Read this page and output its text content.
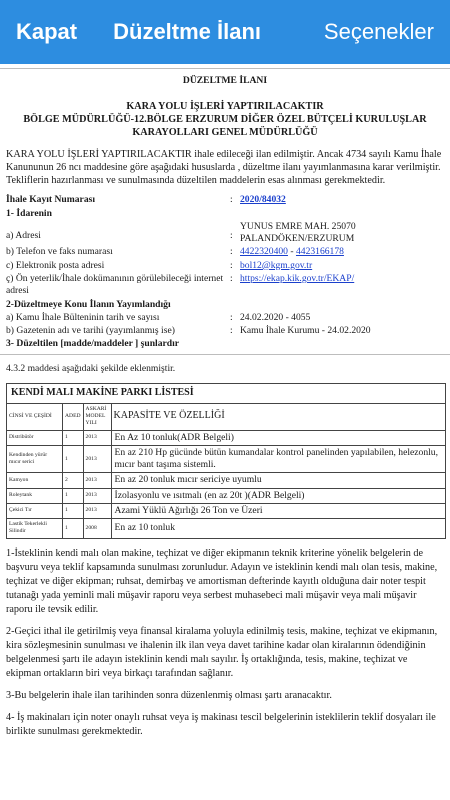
Kapat Düzeltme İlanı	Seçenekler
DÜZELTME İLANI
KARA YOLU İŞLERİ YAPTIRILACAKTIR
BÖLGE MÜDÜRLÜĞÜ-12.BÖLGE ERZURUM DİĞER ÖZEL BÜTÇELİ KURULUŞLAR
KARAYOLLARI GENEL MÜDÜRLÜĞÜ
KARA YOLU İŞLERİ YAPTIRILACAKTIR ihale edileceği ilan edilmiştir. Ancak 4734 sayılı Kamu İhale Kanununun 26 ncı maddesine göre aşağıdaki hususlarda , düzeltme ilanı yayımlanmasına karar verilmiştir. Tekliflerin hazırlanması ve sunulmasında düzeltilen maddelerin esas alınması gerekmektedir.
İhale Kayıt Numarası	:	2020/84032
1- İdarenin		
a) Adresi	:	YUNUS EMRE MAH. 25070 PALANDÖKEN/ERZURUM
b) Telefon ve faks numarası	:	4422320400 - 4423166178
c) Elektronik posta adresi	:	bol12@kgm.gov.tr
ç) Ön yeterlik/İhale dokümanının görülebileceği internet adresi	:	https://ekap.kik.gov.tr/EKAP/
2-Düzeltmeye Konu İlanın Yayımlandığı		
a) Kamu İhale Bülteninin tarih ve sayısı	:	24.02.2020 - 4055
b) Gazetenin adı ve tarihi (yayımlanmış ise)	:	Kamu İhale Kurumu - 24.02.2020
3- Düzeltilen [madde/maddeler ] şunlardır		
4.3.2 maddesi aşağıdaki şekilde eklenmiştir.
KENDİ MALI MAKİNE PARKI LİSTESİ			
CİNSİ VE ÇEŞİDİ	ADED	ASKARİ MODEL YILI	KAPASİTE VE ÖZELLİĞİ
Distribütör	1	2013	En Az 10 tonluk(ADR Belgeli)
Kendinden yürür mıcır serici	1	2013	En az 210 Hp gücünde bütün kumandalar kontrol panelinden yapılabilen, helezonlu, mıcır bant taşıma sistemli.
Kamyon	2	2013	En az 20 tonluk mıcır sericiye uyumlu
Roleytank	1	2013	İzolasyonlu ve ısıtmalı (en az 20t )(ADR Belgeli)
Çekici Tır	1	2013	Azami Yüklü Ağırlığı 26 Ton ve Üzeri
Lastik Tekerlekli Silindir	1	2008	En az 10 tonluk
1-İsteklinin kendi malı olan makine, teçhizat ve diğer ekipmanın teknik kriterine yönelik belgelerin de başvuru veya teklif kapsamında sunulması zorunludur. Adayın ve isteklinin kendi malı olan tesis, makine, teçhizat ve diğer ekipman; ruhsat, demirbaş ve amortisman defterinde kayıtlı olduğuna dair noter tespit tutanağı yada yeminli mali müşavir raporu veya serbest muhasebeci mali müşavir veya mali müşavir raporu ile tevsik edilir.
2-Geçici ithal ile getirilmiş veya finansal kiralama yoluyla edinilmiş tesis, makine, teçhizat ve ekipmanın, kira sözleşmesinin sunulması ve ihalenin ilk ilan veya davet tarihine kadar olan kiralarının ödendiğinin belgelenmesi şartı ile adayın isteklinin kendi malı sayılır. İş ortaklığında, tesis, makine, teçhizat ve ekipman ortakların biri veya birkaçı tarafından sağlanır.
3-Bu belgelerin ihale ilan tarihinden sonra düzenlenmiş olması şartı aranacaktır.
4- İş makinaları için noter onaylı ruhsat veya iş makinası tescil belgelerinin isteklilerin teklif dosyaları ile birlikte sunulması gerekmektedir.
